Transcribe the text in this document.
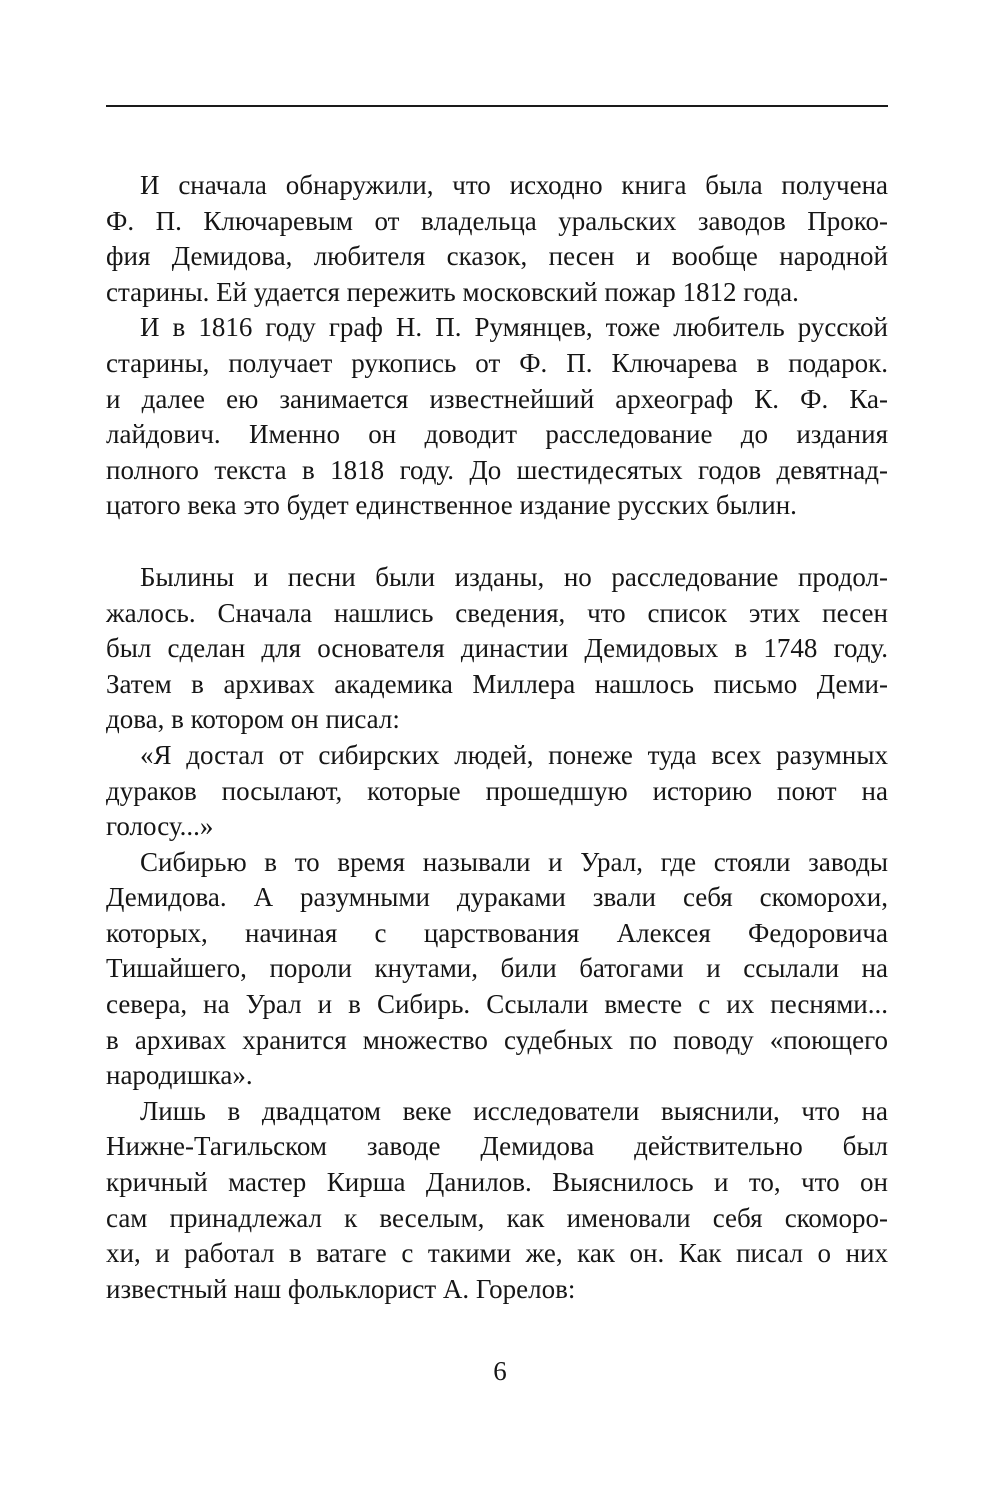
И сначала обнаружили, что исходно книга была получена
Ф. П. Ключаревым от владельца уральских заводов Проко-
фия Демидова, любителя сказок, песен и вообще народной
старины. Ей удается пережить московский пожар 1812 года.

И в 1816 году граф Н. П. Румянцев, тоже любитель русской
старины, получает рукопись от Ф. П. Ключарева в подарок.
и далее ею занимается известнейший археограф К. Ф. Ка-
лайдович. Именно он доводит расследование до издания
полного текста в 1818 году. До шестидесятых годов девятнад-
цатого века это будет единственное издание русских былин.

Былины и песни были изданы, но расследование продол-
жалось. Сначала нашлись сведения, что список этих песен
был сделан для основателя династии Демидовых в 1748 году.
Затем в архивах академика Миллера нашлось письмо Деми-
дова, в котором он писал:

«Я достал от сибирских людей, понеже туда всех разумных
дураков посылают, которые прошедшую историю поют на
голосу...»

Сибирью в то время называли и Урал, где стояли заводы
Демидова. А разумными дураками звали себя скоморохи,
которых, начиная с царствования Алексея Федоровича
Тишайшего, пороли кнутами, били батогами и ссылали на
севера, на Урал и в Сибирь. Ссылали вместе с их песнями...
в архивах хранится множество судебных по поводу «поющего
народишка».

Лишь в двадцатом веке исследователи выяснили, что на
Нижне-Тагильском заводе Демидова действительно был
кричный мастер Кирша Данилов. Выяснилось и то, что он
сам принадлежал к веселым, как именовали себя скоморо-
хи, и работал в ватаге с такими же, как он. Как писал о них
известный наш фольклорист А. Горелов:

6
